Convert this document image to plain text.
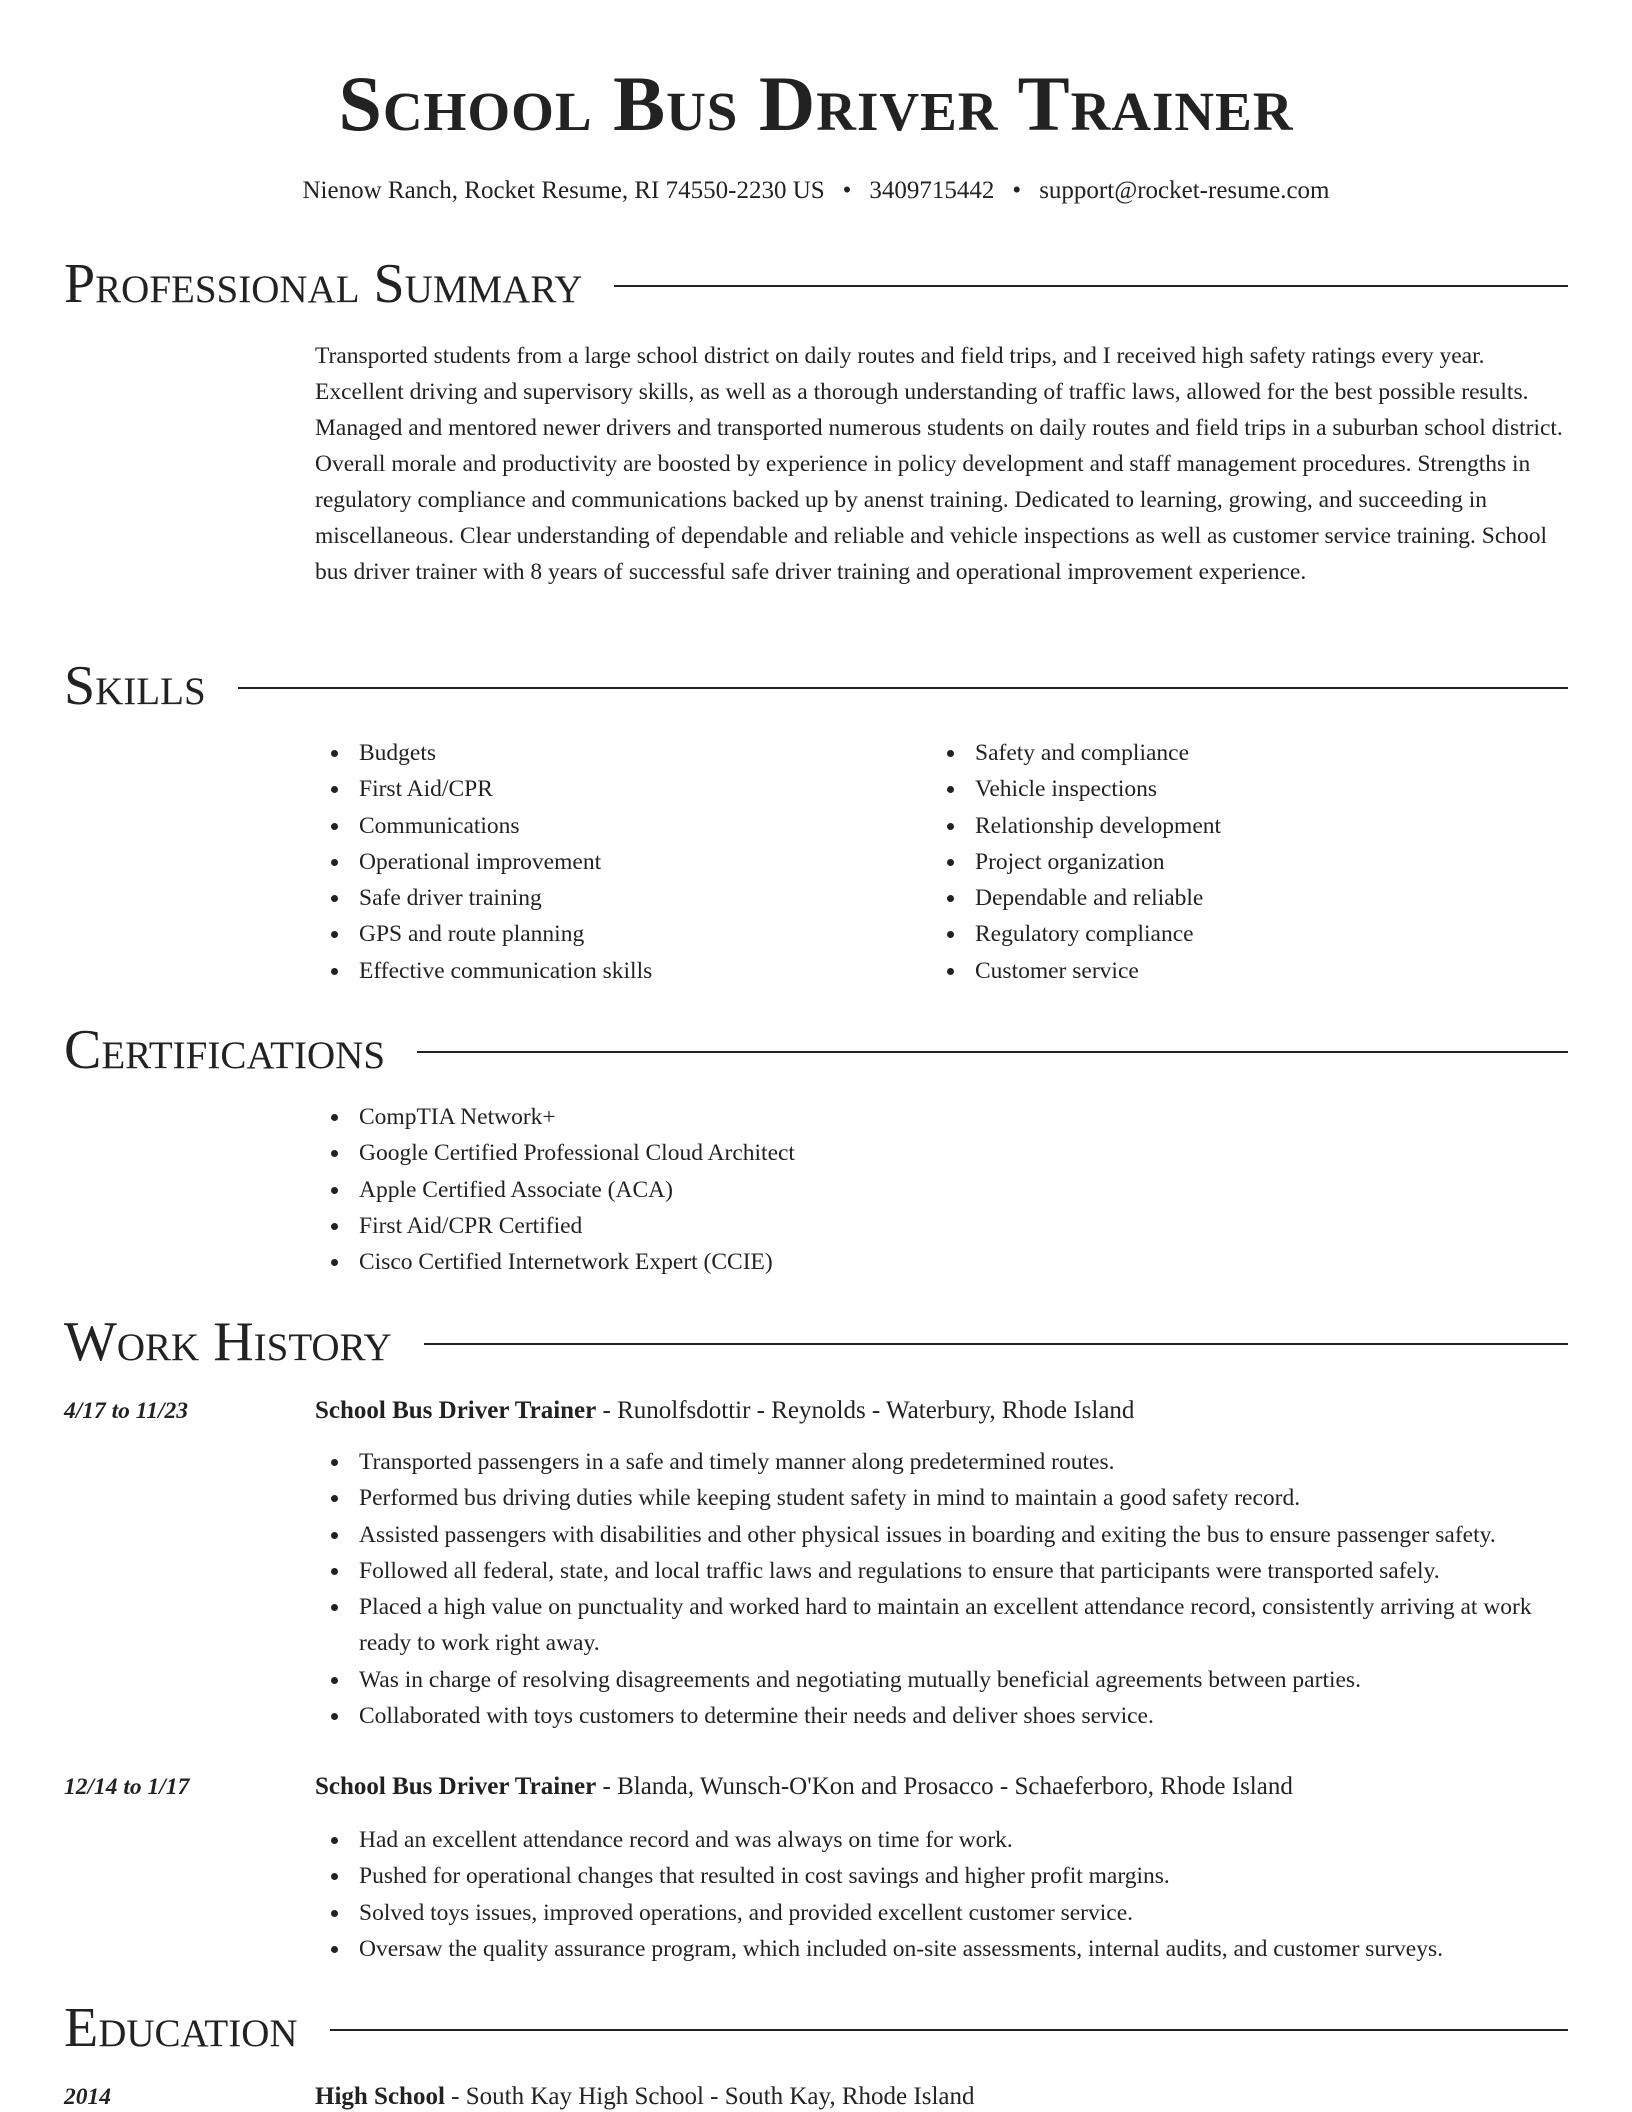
School Bus Driver Trainer
Nienow Ranch, Rocket Resume, RI 74550-2230 US • 3409715442 • support@rocket-resume.com
Professional Summary

Transported students from a large school district on daily routes and field trips, and I received high safety ratings every year. Excellent driving and supervisory skills, as well as a thorough understanding of traffic laws, allowed for the best possible results. Managed and mentored newer drivers and transported numerous students on daily routes and field trips in a suburban school district. Overall morale and productivity are boosted by experience in policy development and staff management procedures. Strengths in regulatory compliance and communications backed up by anenst training. Dedicated to learning, growing, and succeeding in miscellaneous. Clear understanding of dependable and reliable and vehicle inspections as well as customer service training. School bus driver trainer with 8 years of successful safe driver training and operational improvement experience.

Skills
Budgets
First Aid/CPR
Communications
Operational improvement
Safe driver training
GPS and route planning
Effective communication skills
Safety and compliance
Vehicle inspections
Relationship development
Project organization
Dependable and reliable
Regulatory compliance
Customer service
Certifications
CompTIA Network+
Google Certified Professional Cloud Architect
Apple Certified Associate (ACA)
First Aid/CPR Certified
Cisco Certified Internetwork Expert (CCIE)
Work History
4/17 to 11/23	School Bus Driver Trainer - Runolfsdottir - Reynolds - Waterbury, Rhode Island
Transported passengers in a safe and timely manner along predetermined routes.
Performed bus driving duties while keeping student safety in mind to maintain a good safety record.
Assisted passengers with disabilities and other physical issues in boarding and exiting the bus to ensure passenger safety.
Followed all federal, state, and local traffic laws and regulations to ensure that participants were transported safely.
Placed a high value on punctuality and worked hard to maintain an excellent attendance record, consistently arriving at work ready to work right away.
Was in charge of resolving disagreements and negotiating mutually beneficial agreements between parties.
Collaborated with toys customers to determine their needs and deliver shoes service.
12/14 to 1/17	School Bus Driver Trainer - Blanda, Wunsch-O'Kon and Prosacco - Schaeferboro, Rhode Island
Had an excellent attendance record and was always on time for work.
Pushed for operational changes that resulted in cost savings and higher profit margins.
Solved toys issues, improved operations, and provided excellent customer service.
Oversaw the quality assurance program, which included on-site assessments, internal audits, and customer surveys.
Education
2014	High School - South Kay High School - South Kay, Rhode Island
